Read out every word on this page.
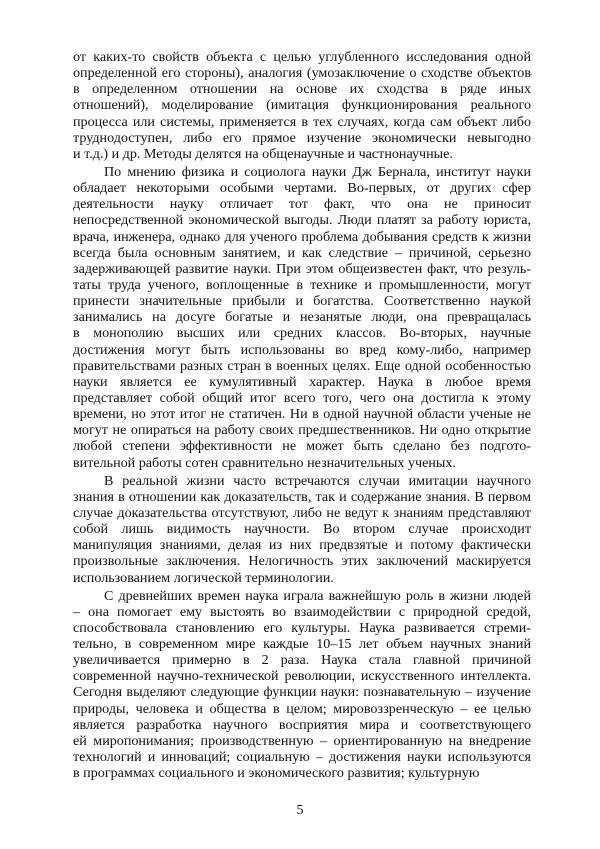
от каких-то свойств объекта с целью углубленного исследования одной
определенной его стороны), аналогия (умозаключение о сходстве объектов
в определенном отношении на основе их сходства в ряде иных
отношений), моделирование (имитация функционирования реального
процесса или системы, применяется в тех случаях, когда сам объект либо
труднодоступен, либо его прямое изучение экономически невыгодно
и т.д.) и др. Методы делятся на общенаучные и частнонаучные.
По мнению физика и социолога науки Дж Бернала, институт науки
обладает некоторыми особыми чертами. Во-первых, от других сфер
деятельности науку отличает тот факт, что она не приносит
непосредственной экономической выгоды. Люди платят за работу юриста,
врача, инженера, однако для ученого проблема добывания средств к жизни
всегда была основным занятием, и как следствие – причиной, серьезно
задерживающей развитие науки. При этом общеизвестен факт, что резуль-
таты труда ученого, воплощенные в технике и промышленности, могут
принести значительные прибыли и богатства. Соответственно наукой
занимались на досуге богатые и незанятые люди, она превращалась
в монополию высших или средних классов. Во-вторых, научные
достижения могут быть использованы во вред кому-либо, например
правительствами разных стран в военных целях. Еще одной особенностью
науки является ее кумулятивный характер. Наука в любое время
представляет собой общий итог всего того, чего она достигла к этому
времени, но этот итог не статичен. Ни в одной научной области ученые не
могут не опираться на работу своих предшественников. Ни одно открытие
любой степени эффективности не может быть сделано без подгото-
вительной работы сотен сравнительно незначительных ученых.
В реальной жизни часто встречаются случаи имитации научного
знания в отношении как доказательств, так и содержание знания. В первом
случае доказательства отсутствуют, либо не ведут к знаниям представляют
собой лишь видимость научности. Во втором случае происходит
манипуляция знаниями, делая из них предвзятые и потому фактически
произвольные заключения. Нелогичность этих заключений маскируется
использованием логической терминологии.
С древнейших времен наука играла важнейшую роль в жизни людей
– она помогает ему выстоять во взаимодействии с природной средой,
способствовала становлению его культуры. Наука развивается стреми-
тельно, в современном мире каждые 10–15 лет объем научных знаний
увеличивается примерно в 2 раза. Наука стала главной причиной
современной научно-технической революции, искусственного интеллекта.
Сегодня выделяют следующие функции науки: познавательную – изучение
природы, человека и общества в целом; мировоззренческую – ее целью
является разработка научного восприятия мира и соответствующего
ей миропонимания; производственную – ориентированную на внедрение
технологий и инноваций; социальную – достижения науки используются
в программах социального и экономического развития; культурную
5
